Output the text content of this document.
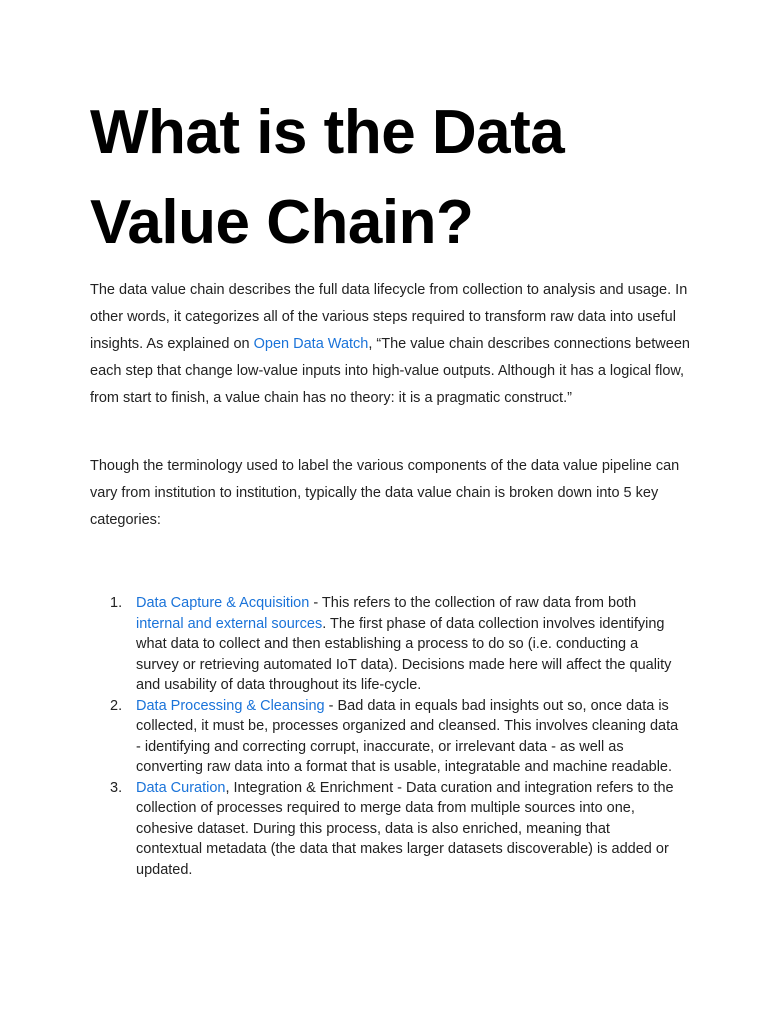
What is the Data Value Chain?

The data value chain describes the full data lifecycle from collection to analysis and usage. In other words, it categorizes all of the various steps required to transform raw data into useful insights. As explained on Open Data Watch, “The value chain describes connections between each step that change low-value inputs into high-value outputs. Although it has a logical flow, from start to finish, a value chain has no theory: it is a pragmatic construct.”

Though the terminology used to label the various components of the data value pipeline can vary from institution to institution, typically the data value chain is broken down into 5 key categories:

1. Data Capture & Acquisition - This refers to the collection of raw data from both internal and external sources. The first phase of data collection involves identifying what data to collect and then establishing a process to do so (i.e. conducting a survey or retrieving automated IoT data). Decisions made here will affect the quality and usability of data throughout its life-cycle.
2. Data Processing & Cleansing - Bad data in equals bad insights out so, once data is collected, it must be, processes organized and cleansed. This involves cleaning data - identifying and correcting corrupt, inaccurate, or irrelevant data - as well as converting raw data into a format that is usable, integratable and machine readable.
3. Data Curation, Integration & Enrichment - Data curation and integration refers to the collection of processes required to merge data from multiple sources into one, cohesive dataset. During this process, data is also enriched, meaning that contextual metadata (the data that makes larger datasets discoverable) is added or updated.
